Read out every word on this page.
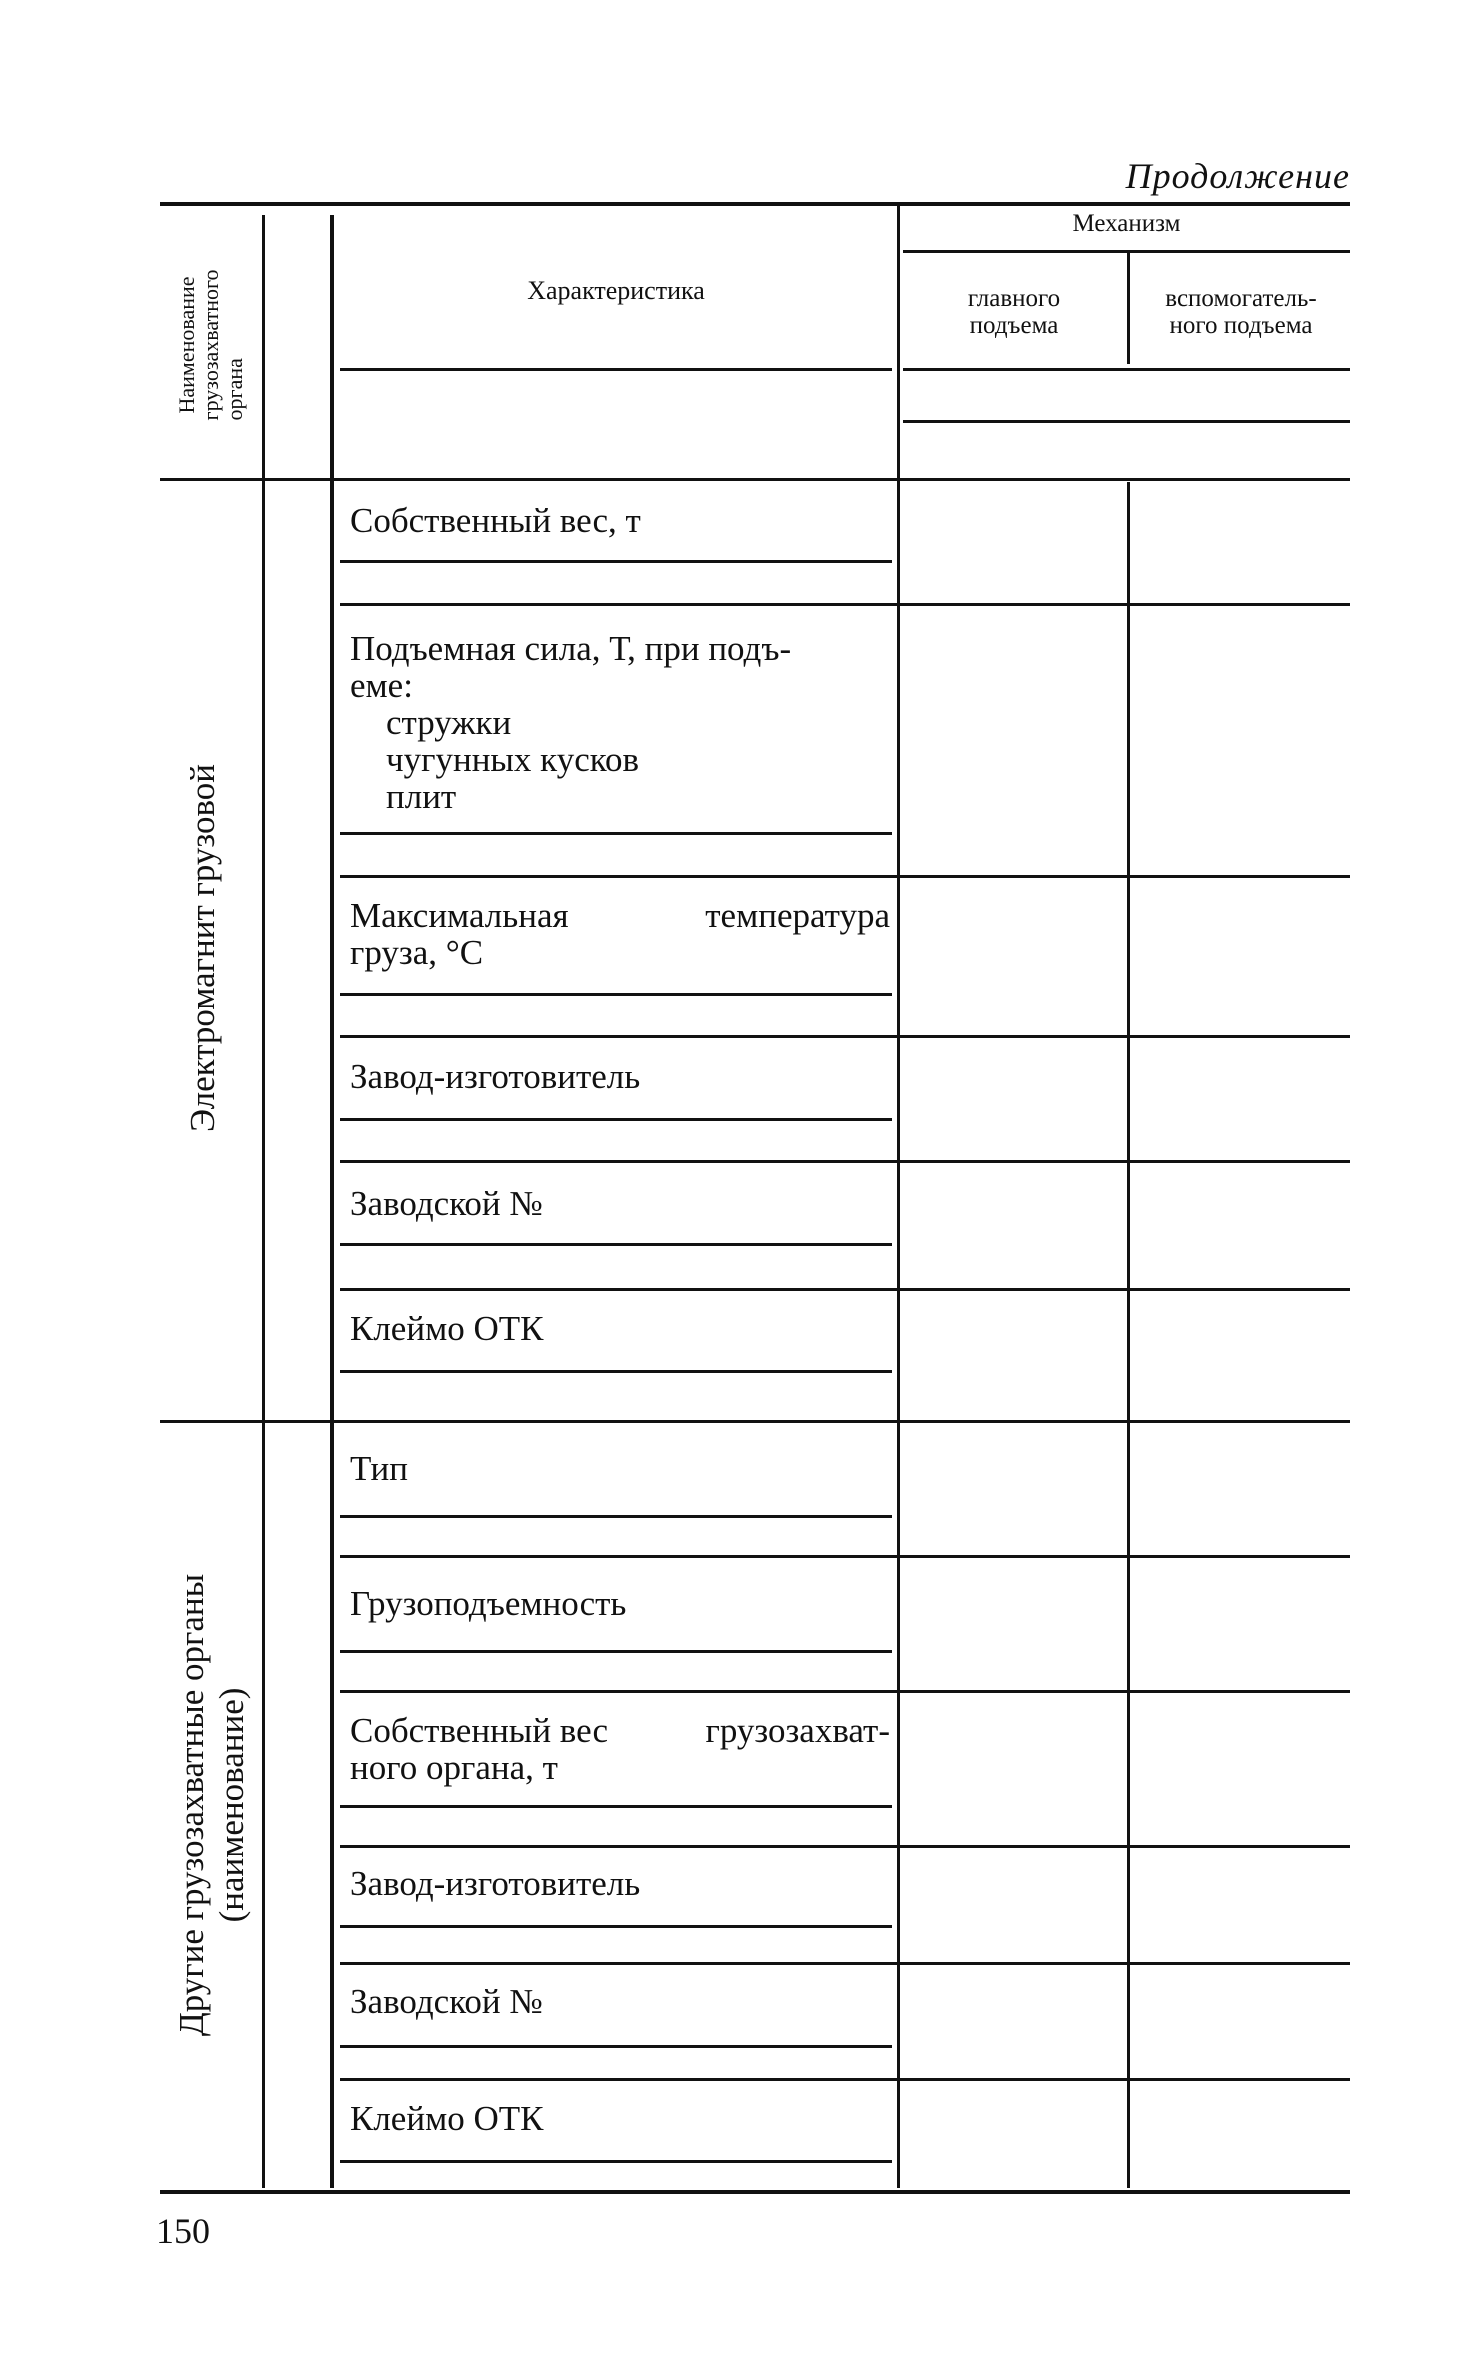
Продолжение
Наименование грузозахватного органа
Характеристика
Механизм
главного
подъема
вспомогатель-
ного подъема
Электромагнит грузовой
Собственный вес, т
Подъемная сила, Т, при подъ-
еме:
стружки
чугунных кусков
плит
Максимальная	температура
груза, °С
Завод-изготовитель
Заводской №
Клеймо ОТК
Другие грузозахватные органы (наименование)
Тип
Грузоподъемность
Собственный вес	грузозахват-
ного органа, т
Завод-изготовитель
Заводской №
Клеймо ОТК
150
